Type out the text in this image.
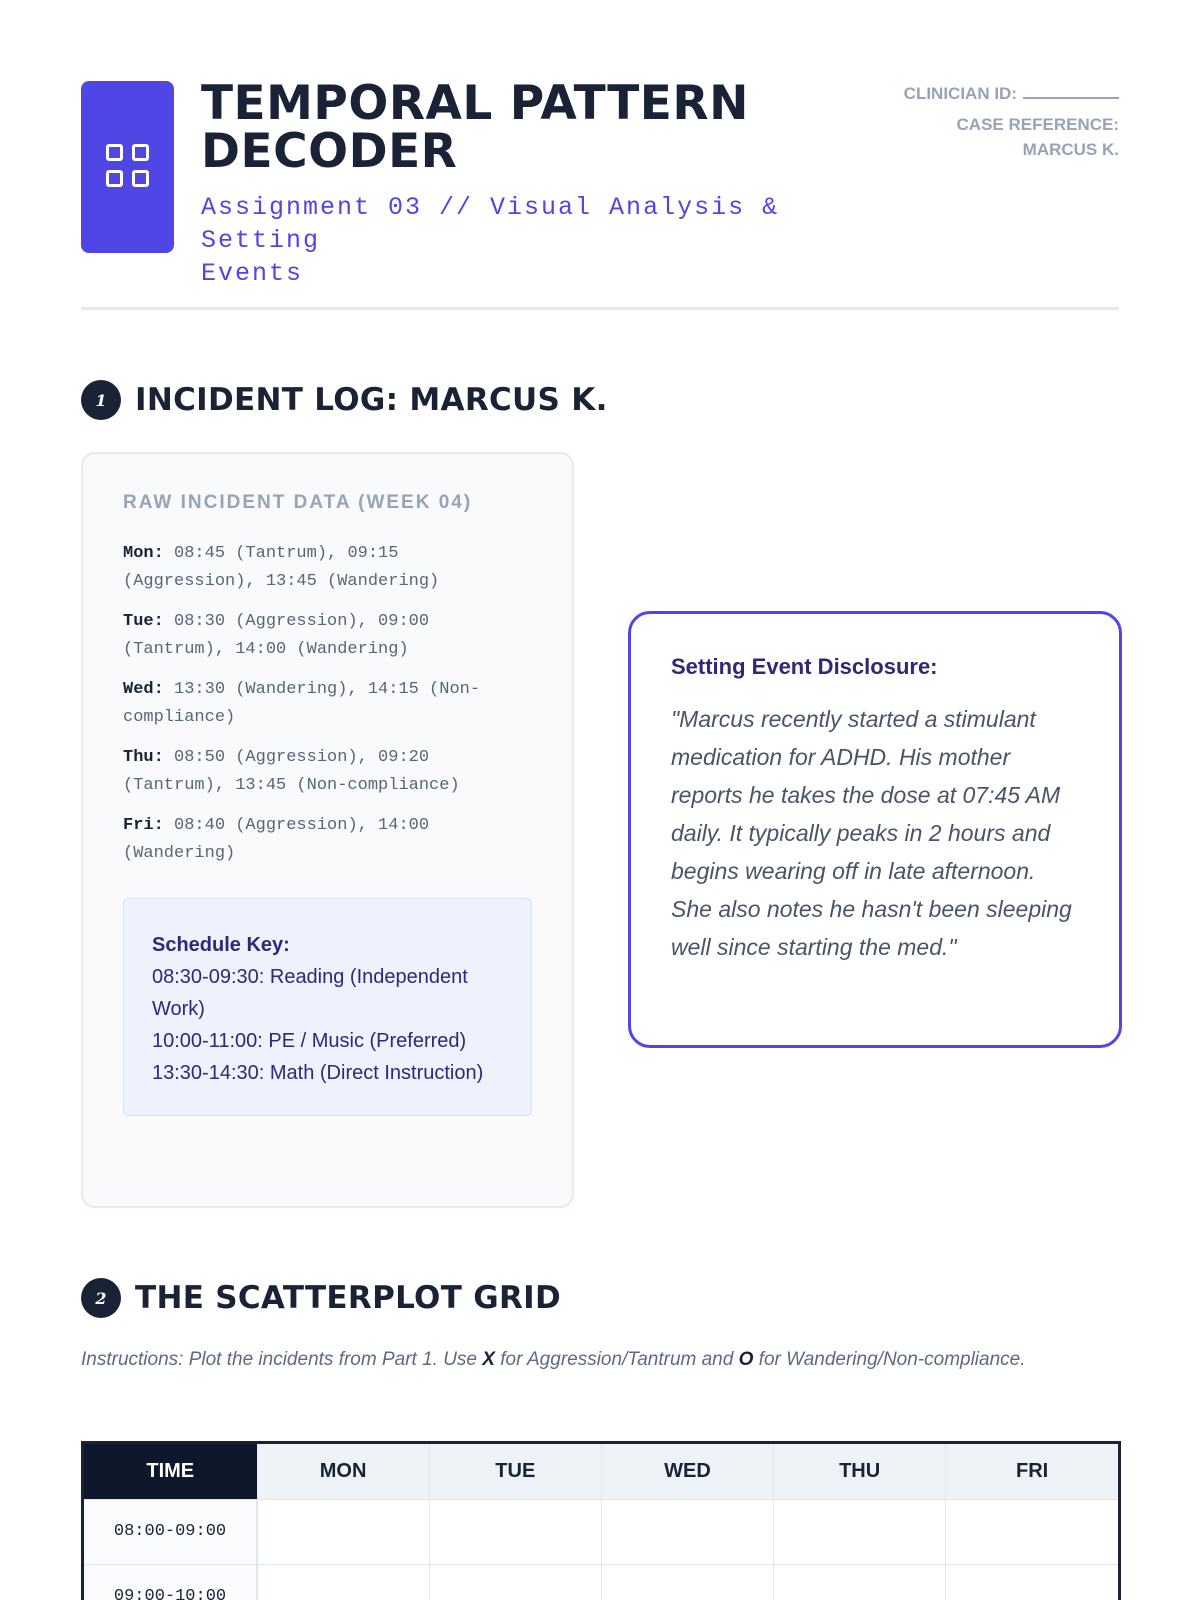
TEMPORAL PATTERN
DECODER
Assignment 03 // Visual Analysis & Setting
Events
CLINICIAN ID:
CASE REFERENCE:
MARCUS K.
1 INCIDENT LOG: MARCUS K.
RAW INCIDENT DATA (WEEK 04)
Mon: 08:45 (Tantrum), 09:15 (Aggression), 13:45 (Wandering)
Tue: 08:30 (Aggression), 09:00 (Tantrum), 14:00 (Wandering)
Wed: 13:30 (Wandering), 14:15 (Non-compliance)
Thu: 08:50 (Aggression), 09:20 (Tantrum), 13:45 (Non-compliance)
Fri: 08:40 (Aggression), 14:00 (Wandering)
Schedule Key:
08:30-09:30: Reading (Independent Work)
10:00-11:00: PE / Music (Preferred)
13:30-14:30: Math (Direct Instruction)
Setting Event Disclosure:
"Marcus recently started a stimulant medication for ADHD. His mother reports he takes the dose at 07:45 AM daily. It typically peaks in 2 hours and begins wearing off in late afternoon. She also notes he hasn't been sleeping well since starting the med."
2 THE SCATTERPLOT GRID
Instructions: Plot the incidents from Part 1. Use X for Aggression/Tantrum and O for Wandering/Non-compliance.
TIME	MON	TUE	WED	THU	FRI
08:00-09:00					
09:00-10:00					
